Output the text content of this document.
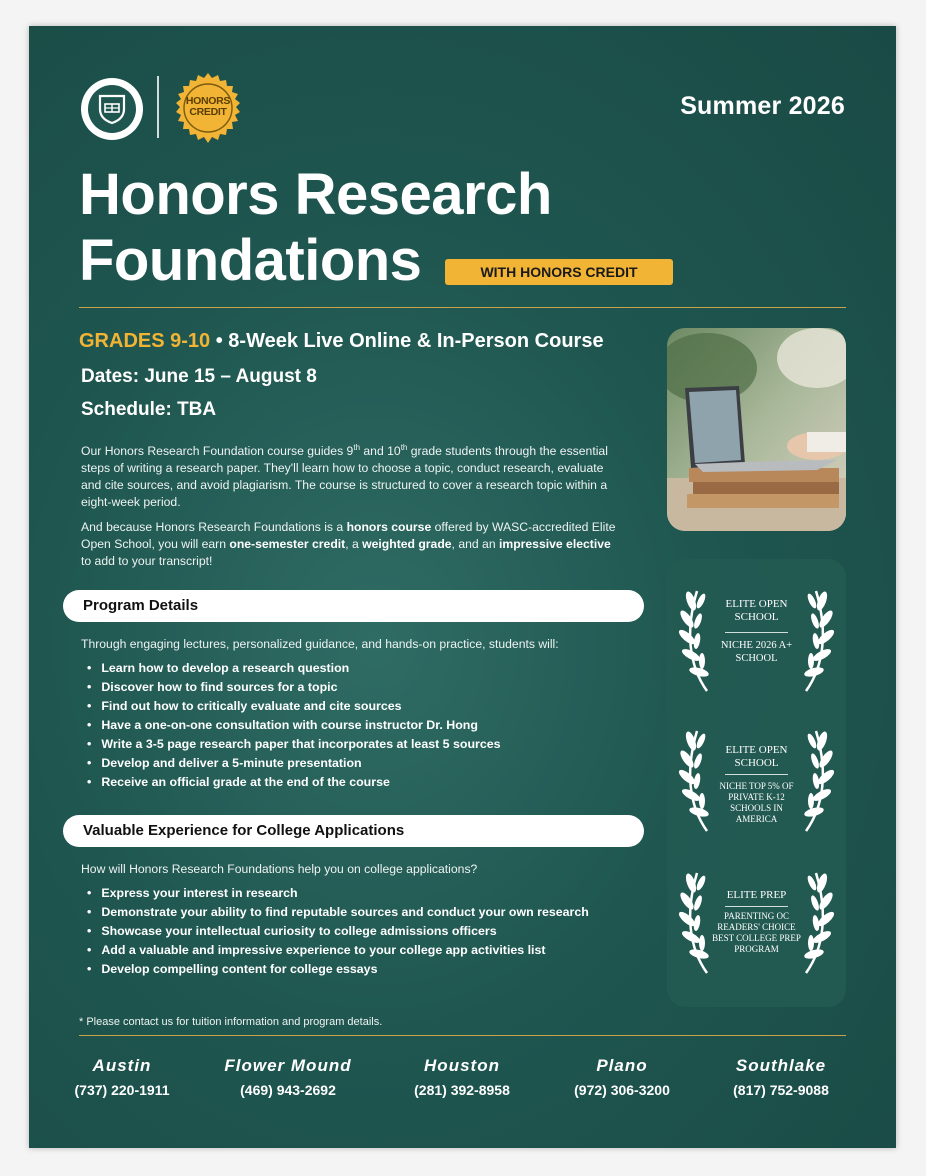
HONORS CREDIT	Summer 2026
Honors Research
Foundations	WITH HONORS CREDIT
GRADES 9-10 • 8-Week Live Online & In-Person Course
Dates: June 15 – August 8
Schedule: TBA
Our Honors Research Foundation course guides 9th and 10th grade students through the essential steps of writing a research paper. They'll learn how to choose a topic, conduct research, evaluate and cite sources, and avoid plagiarism. The course is structured to cover a research topic within a eight-week period.
And because Honors Research Foundations is a honors course offered by WASC-accredited Elite Open School, you will earn one-semester credit, a weighted grade, and an impressive elective to add to your transcript!
Program Details
Through engaging lectures, personalized guidance, and hands-on practice, students will:
• Learn how to develop a research question
• Discover how to find sources for a topic
• Find out how to critically evaluate and cite sources
• Have a one-on-one consultation with course instructor Dr. Hong
• Write a 3-5 page research paper that incorporates at least 5 sources
• Develop and deliver a 5-minute presentation
• Receive an official grade at the end of the course
Valuable Experience for College Applications
How will Honors Research Foundations help you on college applications?
• Express your interest in research
• Demonstrate your ability to find reputable sources and conduct your own research
• Showcase your intellectual curiosity to college admissions officers
• Add a valuable and impressive experience to your college app activities list
• Develop compelling content for college essays
ELITE OPEN SCHOOL
NICHE 2026 A+ SCHOOL
ELITE OPEN SCHOOL
NICHE TOP 5% OF PRIVATE K-12 SCHOOLS IN AMERICA
ELITE PREP
PARENTING OC READERS' CHOICE BEST COLLEGE PREP PROGRAM
* Please contact us for tuition information and program details.
Austin
(737) 220-1911
Flower Mound
(469) 943-2692
Houston
(281) 392-8958
Plano
(972) 306-3200
Southlake
(817) 752-9088
